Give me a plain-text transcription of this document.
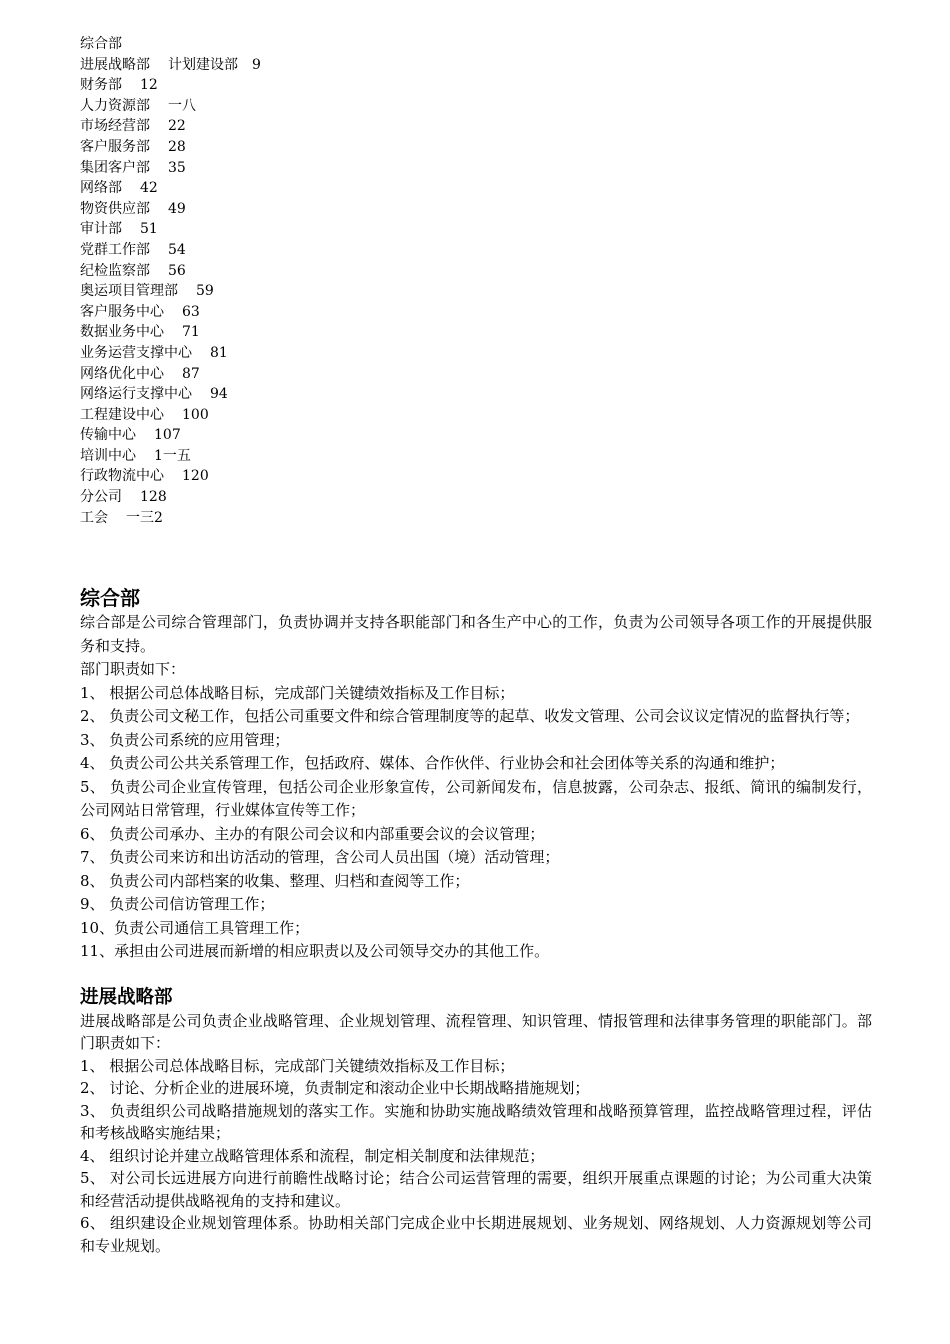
综合部
进展战略部 计划建设部　9
财务部 12
人力资源部 一八
市场经营部 22
客户服务部 28
集团客户部 35
网络部 42
物资供应部 49
审计部 51
党群工作部 54
纪检监察部 56
奥运项目管理部 59
客户服务中心 63
数据业务中心 71
业务运营支撑中心 81
网络优化中心 87
网络运行支撑中心 94
工程建设中心 100
传输中心 107
培训中心 1一五
行政物流中心 120
分公司 128
工会 一三2
综合部
综合部是公司综合管理部门，负责协调并支持各职能部门和各生产中心的工作，负责为公司领导各项工作的开展提供服务和支持。
部门职责如下：
1、 根据公司总体战略目标，完成部门关键绩效指标及工作目标；
2、 负责公司文秘工作，包括公司重要文件和综合管理制度等的起草、收发文管理、公司会议议定情况的监督执行等；
3、 负责公司系统的应用管理；
4、 负责公司公共关系管理工作，包括政府、媒体、合作伙伴、行业协会和社会团体等关系的沟通和维护；
5、 负责公司企业宣传管理，包括公司企业形象宣传，公司新闻发布，信息披露，公司杂志、报纸、简讯的编制发行，公司网站日常管理，行业媒体宣传等工作；
6、 负责公司承办、主办的有限公司会议和内部重要会议的会议管理；
7、 负责公司来访和出访活动的管理，含公司人员出国（境）活动管理；
8、 负责公司内部档案的收集、整理、归档和查阅等工作；
9、 负责公司信访管理工作；
10、负责公司通信工具管理工作；
11、承担由公司进展而新增的相应职责以及公司领导交办的其他工作。
进展战略部
进展战略部是公司负责企业战略管理、企业规划管理、流程管理、知识管理、情报管理和法律事务管理的职能部门。部门职责如下：
1、 根据公司总体战略目标，完成部门关键绩效指标及工作目标；
2、 讨论、分析企业的进展环境，负责制定和滚动企业中长期战略措施规划；
3、 负责组织公司战略措施规划的落实工作。实施和协助实施战略绩效管理和战略预算管理，监控战略管理过程，评估和考核战略实施结果；
4、 组织讨论并建立战略管理体系和流程，制定相关制度和法律规范；
5、 对公司长远进展方向进行前瞻性战略讨论；结合公司运营管理的需要，组织开展重点课题的讨论；为公司重大决策和经营活动提供战略视角的支持和建议。
6、 组织建设企业规划管理体系。协助相关部门完成企业中长期进展规划、业务规划、网络规划、人力资源规划等公司和专业规划。
